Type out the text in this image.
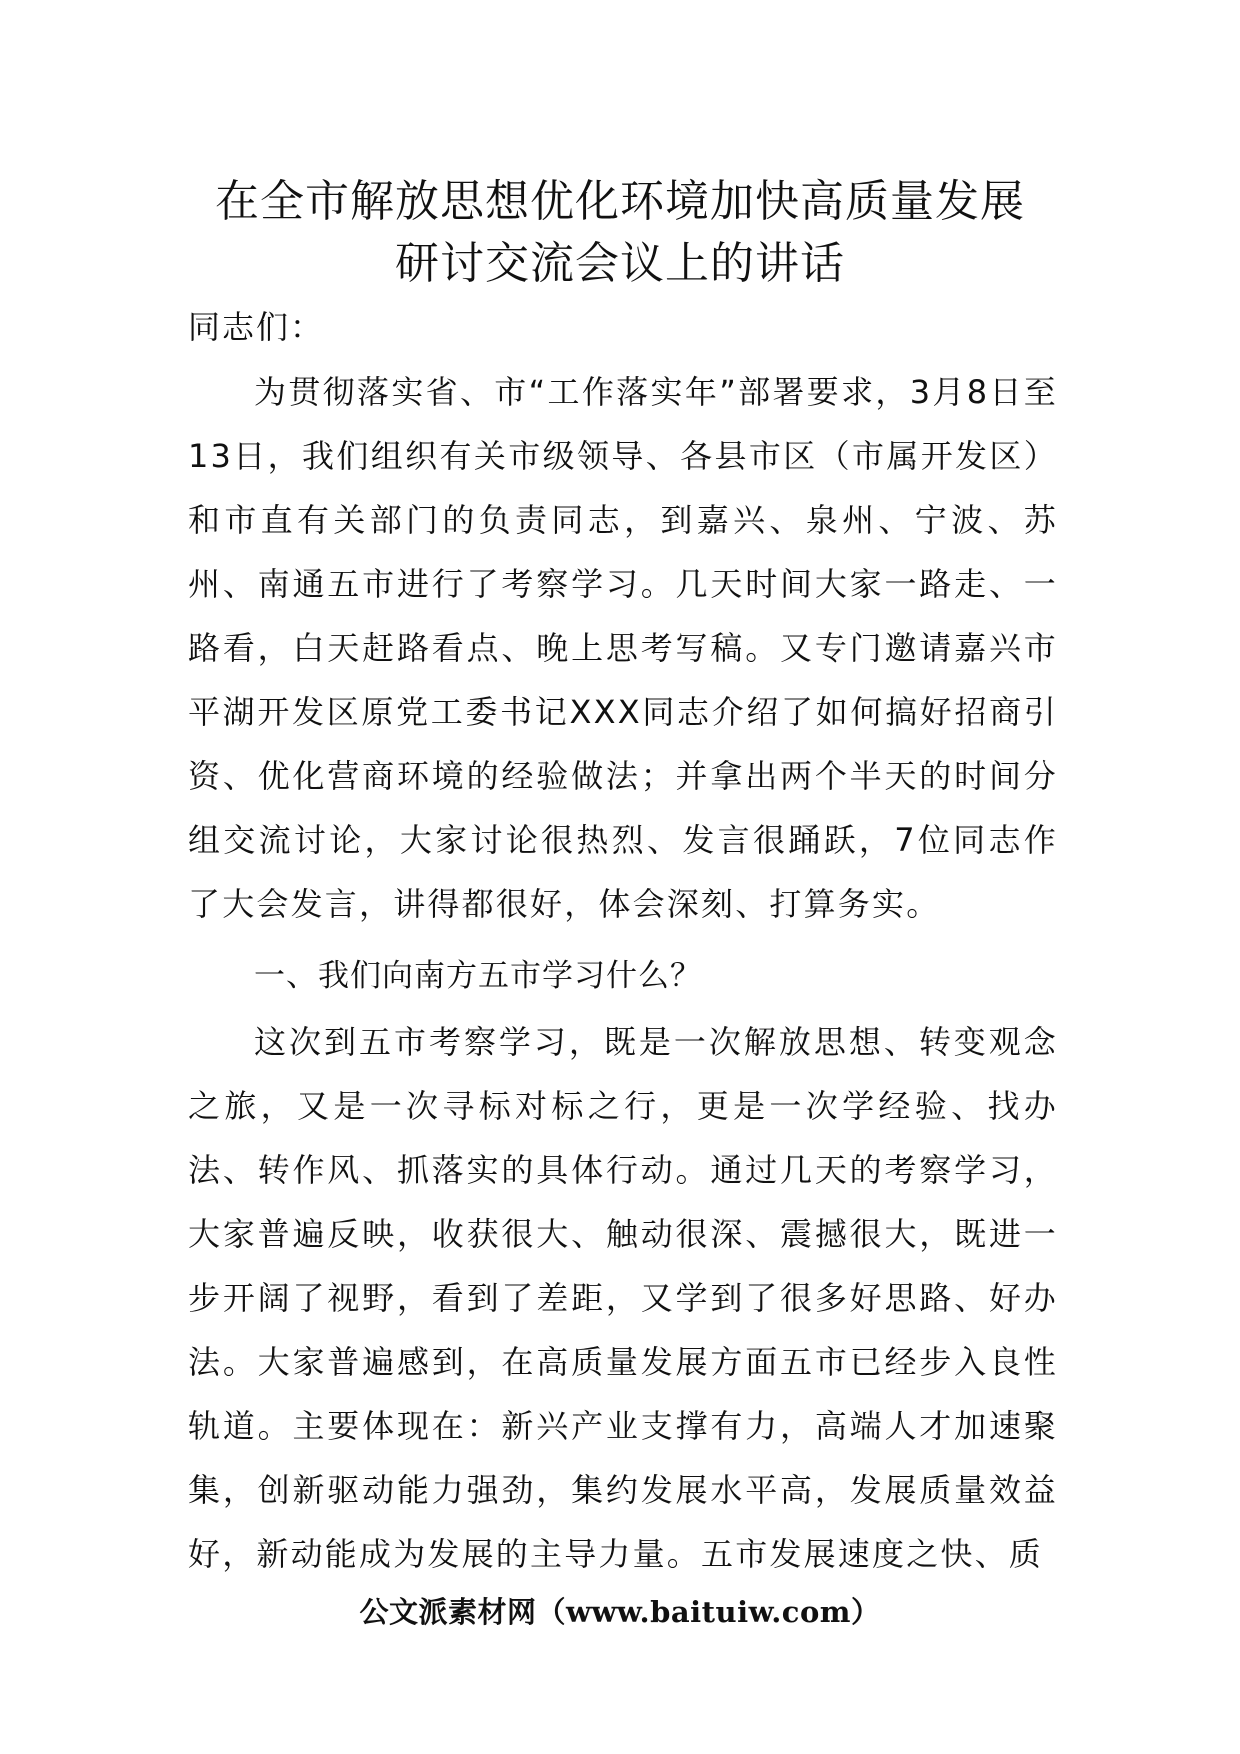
在全市解放思想优化环境加快高质量发展
研讨交流会议上的讲话
同志们：

为贯彻落实省、市“工作落实年”部署要求，3月8日至13日，我们组织有关市级领导、各县市区（市属开发区）和市直有关部门的负责同志，到嘉兴、泉州、宁波、苏州、南通五市进行了考察学习。几天时间大家一路走、一路看，白天赶路看点、晚上思考写稿。又专门邀请嘉兴市平湖开发区原党工委书记XXX同志介绍了如何搞好招商引资、优化营商环境的经验做法；并拿出两个半天的时间分组交流讨论，大家讨论很热烈、发言很踊跃，7位同志作了大会发言，讲得都很好，体会深刻、打算务实。

一、我们向南方五市学习什么？

这次到五市考察学习，既是一次解放思想、转变观念之旅，又是一次寻标对标之行，更是一次学经验、找办法、转作风、抓落实的具体行动。通过几天的考察学习，大家普遍反映，收获很大、触动很深、震撼很大，既进一步开阔了视野，看到了差距，又学到了很多好思路、好办法。大家普遍感到，在高质量发展方面五市已经步入良性轨道。主要体现在：新兴产业支撑有力，高端人才加速聚集，创新驱动能力强劲，集约发展水平高，发展质量效益好，新动能成为发展的主导力量。五市发展速度之快、质

公文派素材网（www.baituiw.com）
